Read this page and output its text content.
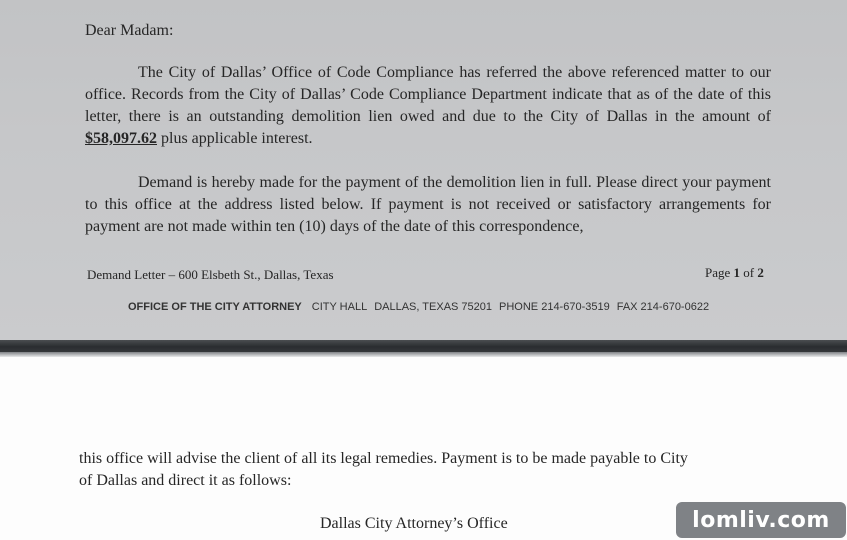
Dear Madam:
The City of Dallas’ Office of Code Compliance has referred the above referenced matter to our office. Records from the City of Dallas’ Code Compliance Department indicate that as of the date of this letter, there is an outstanding demolition lien owed and due to the City of Dallas in the amount of $58,097.62 plus applicable interest.
Demand is hereby made for the payment of the demolition lien in full. Please direct your payment to this office at the address listed below. If payment is not received or satisfactory arrangements for payment are not made within ten (10) days of the date of this correspondence,
Demand Letter – 600 Elsbeth St., Dallas, Texas	Page 1 of 2
OFFICE OF THE CITY ATTORNEY CITY HALL DALLAS, TEXAS 75201 PHONE 214-670-3519 FAX 214-670-0622
this office will advise the client of all its legal remedies. Payment is to be made payable to City
of Dallas and direct it as follows:
Dallas City Attorney’s Office	lomliv.com
